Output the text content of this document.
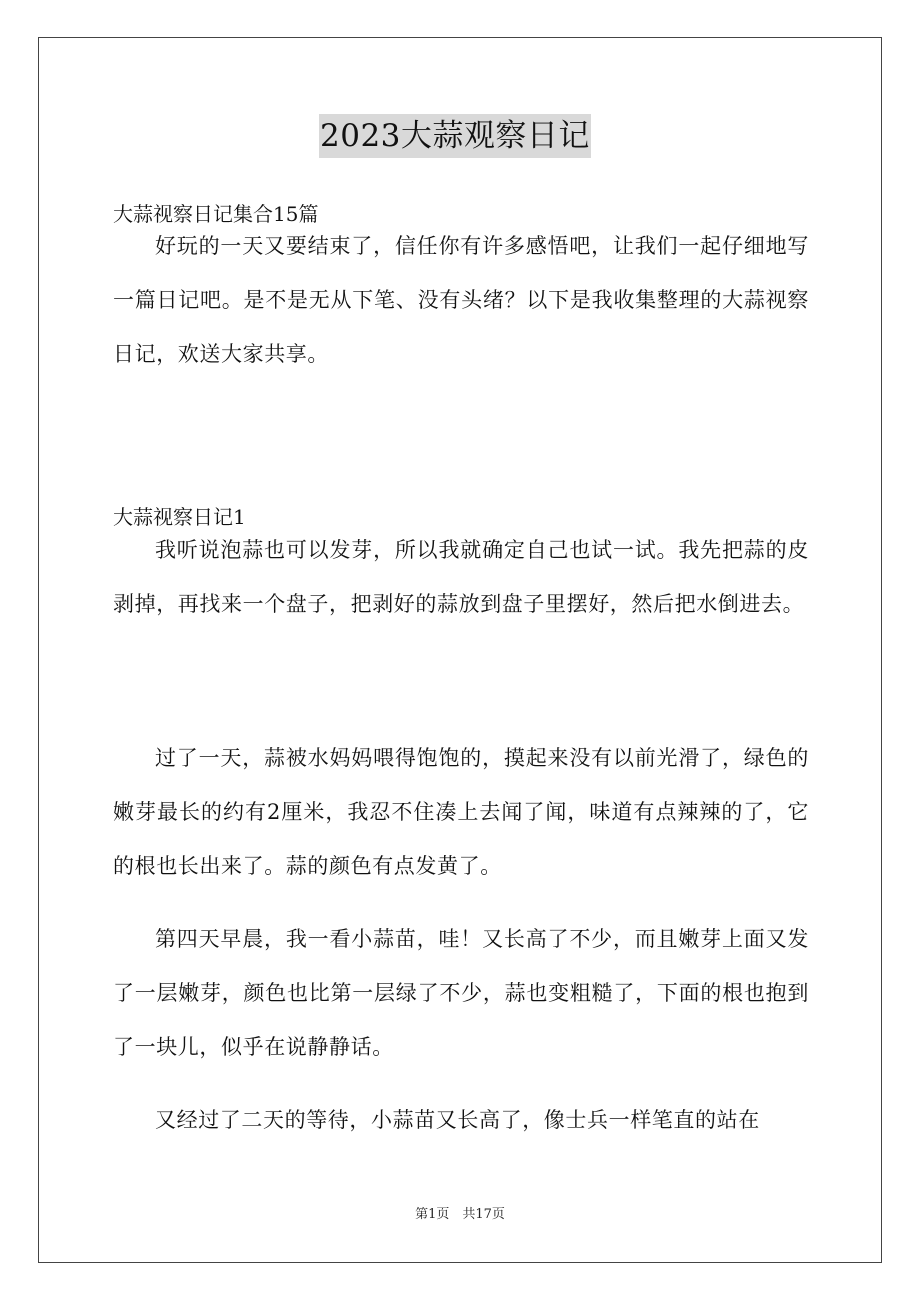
2023大蒜观察日记
大蒜视察日记集合15篇

好玩的一天又要结束了，信任你有许多感悟吧，让我们一起仔细地写一篇日记吧。是不是无从下笔、没有头绪？以下是我收集整理的大蒜视察日记，欢送大家共享。

大蒜视察日记1

我听说泡蒜也可以发芽，所以我就确定自己也试一试。我先把蒜的皮剥掉，再找来一个盘子，把剥好的蒜放到盘子里摆好，然后把水倒进去。

过了一天，蒜被水妈妈喂得饱饱的，摸起来没有以前光滑了，绿色的嫩芽最长的约有2厘米，我忍不住凑上去闻了闻，味道有点辣辣的了，它的根也长出来了。蒜的颜色有点发黄了。

第四天早晨，我一看小蒜苗，哇！又长高了不少，而且嫩芽上面又发了一层嫩芽，颜色也比第一层绿了不少，蒜也变粗糙了，下面的根也抱到了一块儿，似乎在说静静话。

又经过了二天的等待，小蒜苗又长高了，像士兵一样笔直的站在

第1页　共17页
